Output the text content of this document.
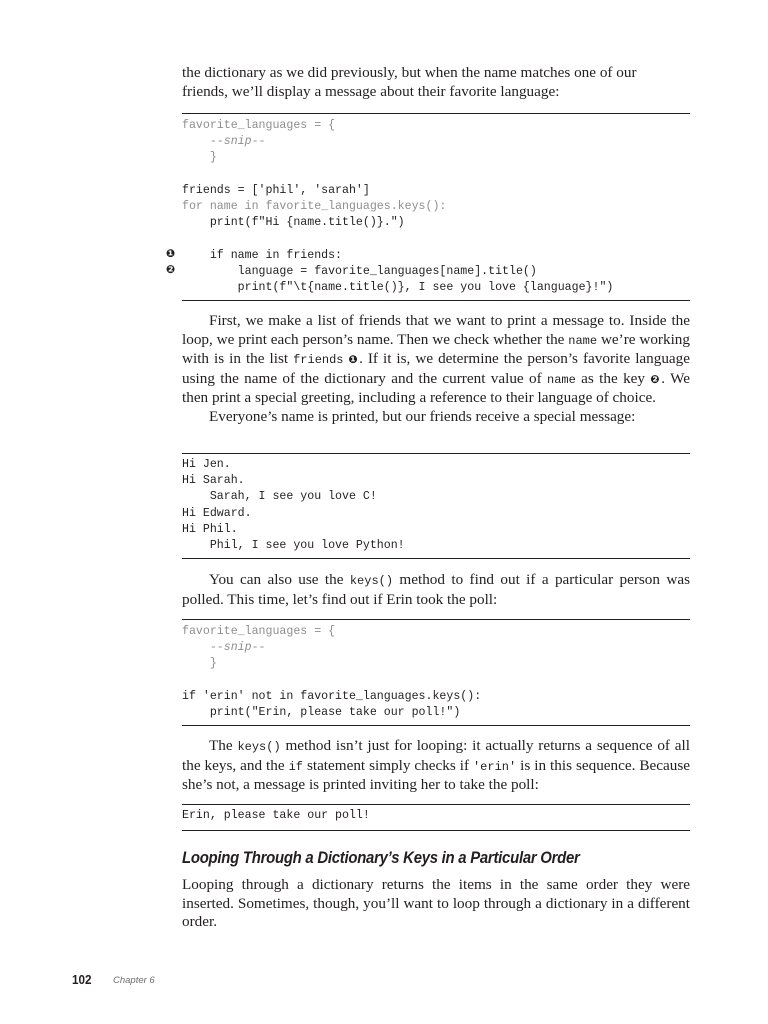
the dictionary as we did previously, but when the name matches one of our
friends, we’ll display a message about their favorite language:

favorite_languages = {
--snip--
}

friends = ['phil', 'sarah']
for name in favorite_languages.keys():
print(f"Hi {name.title()}.")

if name in friends:
language = favorite_languages[name].title()
print(f"\t{name.title()}, I see you love {language}!")
❶
❷

First, we make a list of friends that we want to print a message to. Inside the loop, we print each person’s name. Then we check whether the name we’re working with is in the list friends ❶. If it is, we determine the person’s favorite language using the name of the dictionary and the current value of name as the key ❷. We then print a special greeting, including a reference to their language of choice.

Everyone’s name is printed, but our friends receive a special message:

Hi Jen.
Hi Sarah.
Sarah, I see you love C!
Hi Edward.
Hi Phil.
Phil, I see you love Python!

You can also use the keys() method to find out if a particular person was polled. This time, let’s find out if Erin took the poll:

favorite_languages = {
--snip--
}

if 'erin' not in favorite_languages.keys():
print("Erin, please take our poll!")

The keys() method isn’t just for looping: it actually returns a sequence of all the keys, and the if statement simply checks if 'erin' is in this sequence. Because she’s not, a message is printed inviting her to take the poll:

Erin, please take our poll!
Looping Through a Dictionary’s Keys in a Particular Order

Looping through a dictionary returns the items in the same order they were inserted. Sometimes, though, you’ll want to loop through a dictionary in a different order.

102 Chapter 6
